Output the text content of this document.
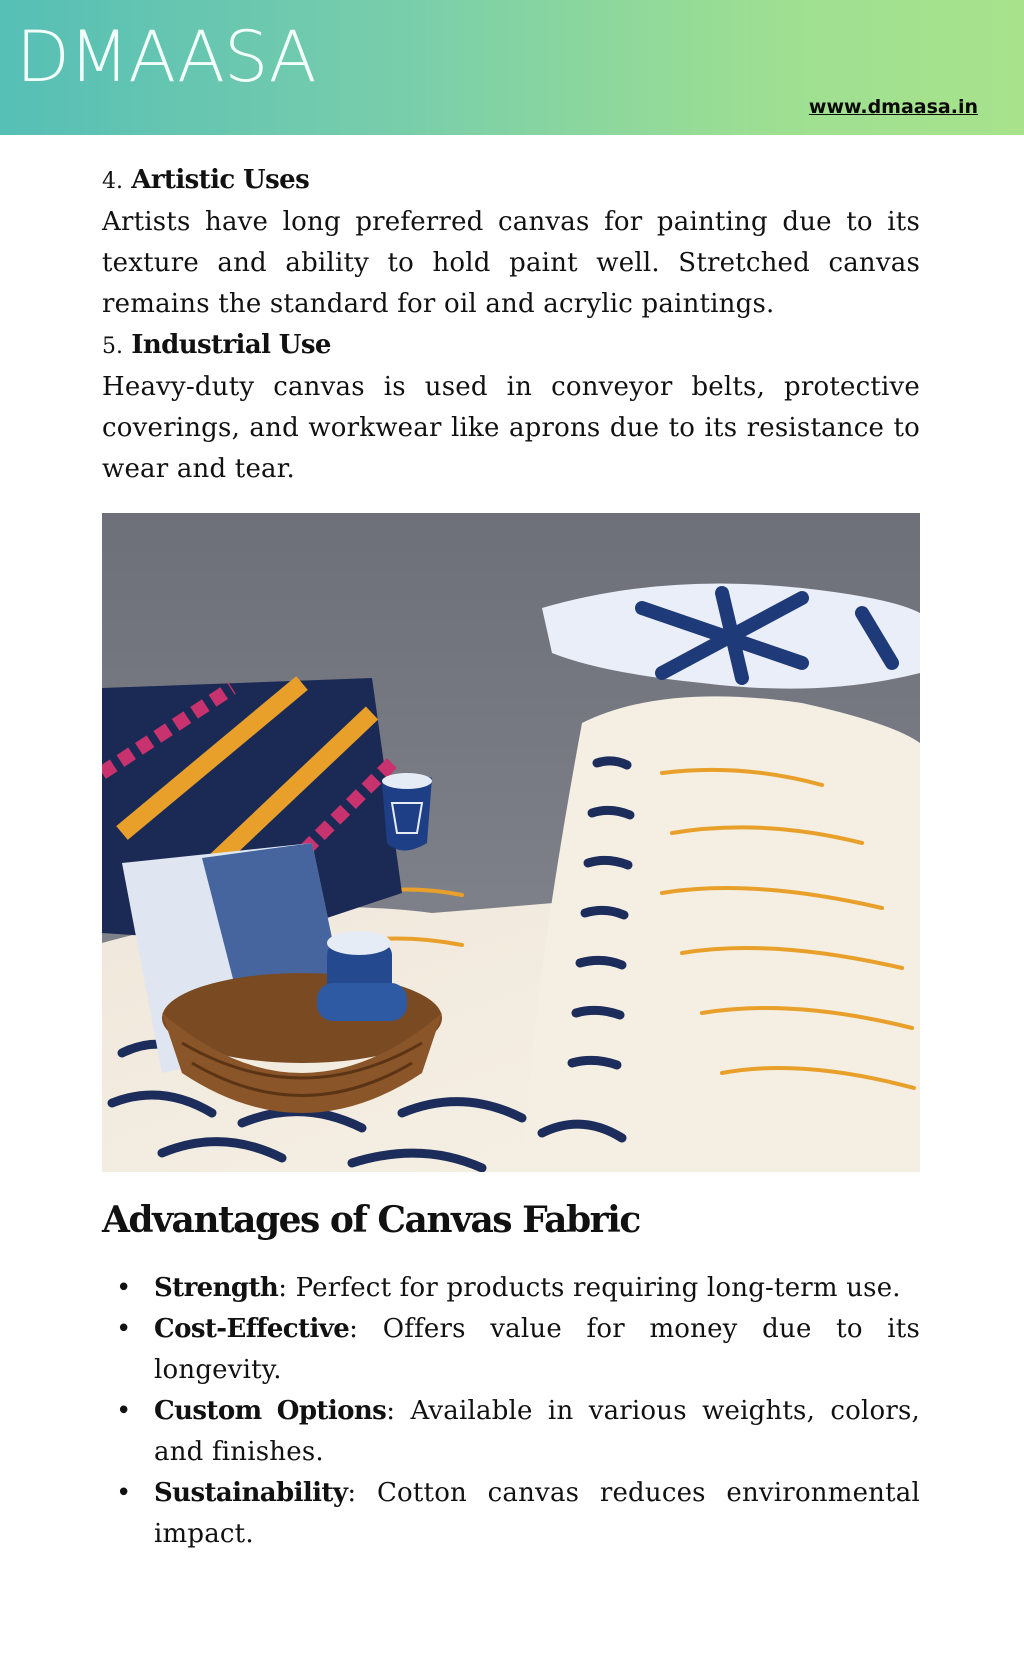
DMAASA
www.dmaasa.in
4. Artistic Uses

Artists have long preferred canvas for painting due to its texture and ability to hold paint well. Stretched canvas remains the standard for oil and acrylic paintings.

5. Industrial Use

Heavy-duty canvas is used in conveyor belts, protective coverings, and workwear like aprons due to its resistance to wear and tear.

Advantages of Canvas Fabric
• Strength: Perfect for products requiring long-term use.
• Cost-Effective: Offers value for money due to its longevity.
• Custom Options: Available in various weights, colors, and finishes.
• Sustainability: Cotton canvas reduces environmental impact.
